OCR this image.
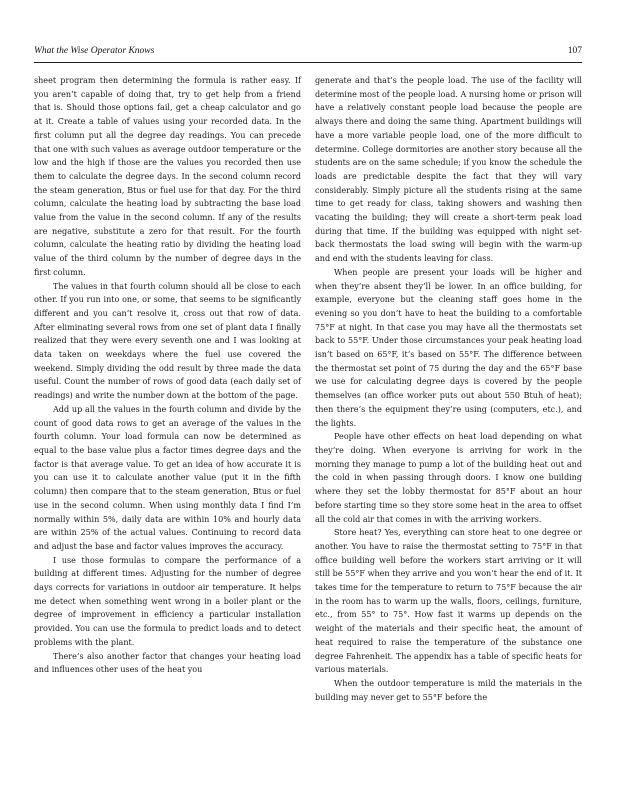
What the Wise Operator Knows	107

sheet program then determining the formula is rather easy. If you aren’t capable of doing that, try to get help from a friend that is. Should those options fail, get a cheap calculator and go at it. Create a table of values using your recorded data. In the first column put all the degree day readings. You can precede that one with such values as average outdoor temperature or the low and the high if those are the values you recorded then use them to calculate the degree days. In the second column record the steam generation, Btus or fuel use for that day. For the third column, calculate the heating load by subtracting the base load value from the value in the second column. If any of the results are negative, substitute a zero for that result. For the fourth column, calculate the heating ratio by dividing the heating load value of the third column by the number of degree days in the first column.

The values in that fourth column should all be close to each other. If you run into one, or some, that seems to be significantly different and you can’t resolve it, cross out that row of data. After eliminating several rows from one set of plant data I finally realized that they were every seventh one and I was looking at data taken on weekdays where the fuel use covered the weekend. Simply dividing the odd result by three made the data useful. Count the number of rows of good data (each daily set of readings) and write the number down at the bottom of the page.

Add up all the values in the fourth column and divide by the count of good data rows to get an average of the values in the fourth column. Your load formula can now be determined as equal to the base value plus a factor times degree days and the factor is that average value. To get an idea of how accurate it is you can use it to calculate another value (put it in the fifth column) then compare that to the steam generation, Btus or fuel use in the second column. When using monthly data I find I’m normally within 5%, daily data are within 10% and hourly data are within 25% of the actual values. Continuing to record data and adjust the base and factor values improves the accuracy.

I use those formulas to compare the performance of a building at different times. Adjusting for the number of degree days corrects for variations in outdoor air temperature. It helps me detect when something went wrong in a boiler plant or the degree of improvement in efficiency a particular installation provided. You can use the formula to predict loads and to detect problems with the plant.

There’s also another factor that changes your heating load and influences other uses of the heat you

generate and that’s the people load. The use of the facility will determine most of the people load. A nursing home or prison will have a relatively constant people load because the people are always there and doing the same thing. Apartment buildings will have a more variable people load, one of the more difficult to determine. College dormitories are another story because all the students are on the same schedule; if you know the schedule the loads are predictable despite the fact that they will vary considerably. Simply picture all the students rising at the same time to get ready for class, taking showers and washing then vacating the building; they will create a short-term peak load during that time. If the building was equipped with night set-back thermostats the load swing will begin with the warm-up and end with the students leaving for class.

When people are present your loads will be higher and when they’re absent they’ll be lower. In an office building, for example, everyone but the cleaning staff goes home in the evening so you don’t have to heat the building to a comfortable 75°F at night. In that case you may have all the thermostats set back to 55°F. Under those circumstances your peak heating load isn’t based on 65°F, it’s based on 55°F. The difference between the thermostat set point of 75 during the day and the 65°F base we use for calculating degree days is covered by the people themselves (an office worker puts out about 550 Btuh of heat); then there’s the equipment they’re using (computers, etc.), and the lights.

People have other effects on heat load depending on what they’re doing. When everyone is arriving for work in the morning they manage to pump a lot of the building heat out and the cold in when passing through doors. I know one building where they set the lobby thermostat for 85°F about an hour before starting time so they store some heat in the area to offset all the cold air that comes in with the arriving workers.

Store heat? Yes, everything can store heat to one degree or another. You have to raise the thermostat setting to 75°F in that office building well before the workers start arriving or it will still be 55°F when they arrive and you won’t hear the end of it. It takes time for the temperature to return to 75°F because the air in the room has to warm up the walls, floors, ceilings, furniture, etc., from 55° to 75°. How fast it warms up depends on the weight of the materials and their specific heat, the amount of heat required to raise the temperature of the substance one degree Fahrenheit. The appendix has a table of specific heats for various materials.

When the outdoor temperature is mild the materials in the building may never get to 55°F before the
